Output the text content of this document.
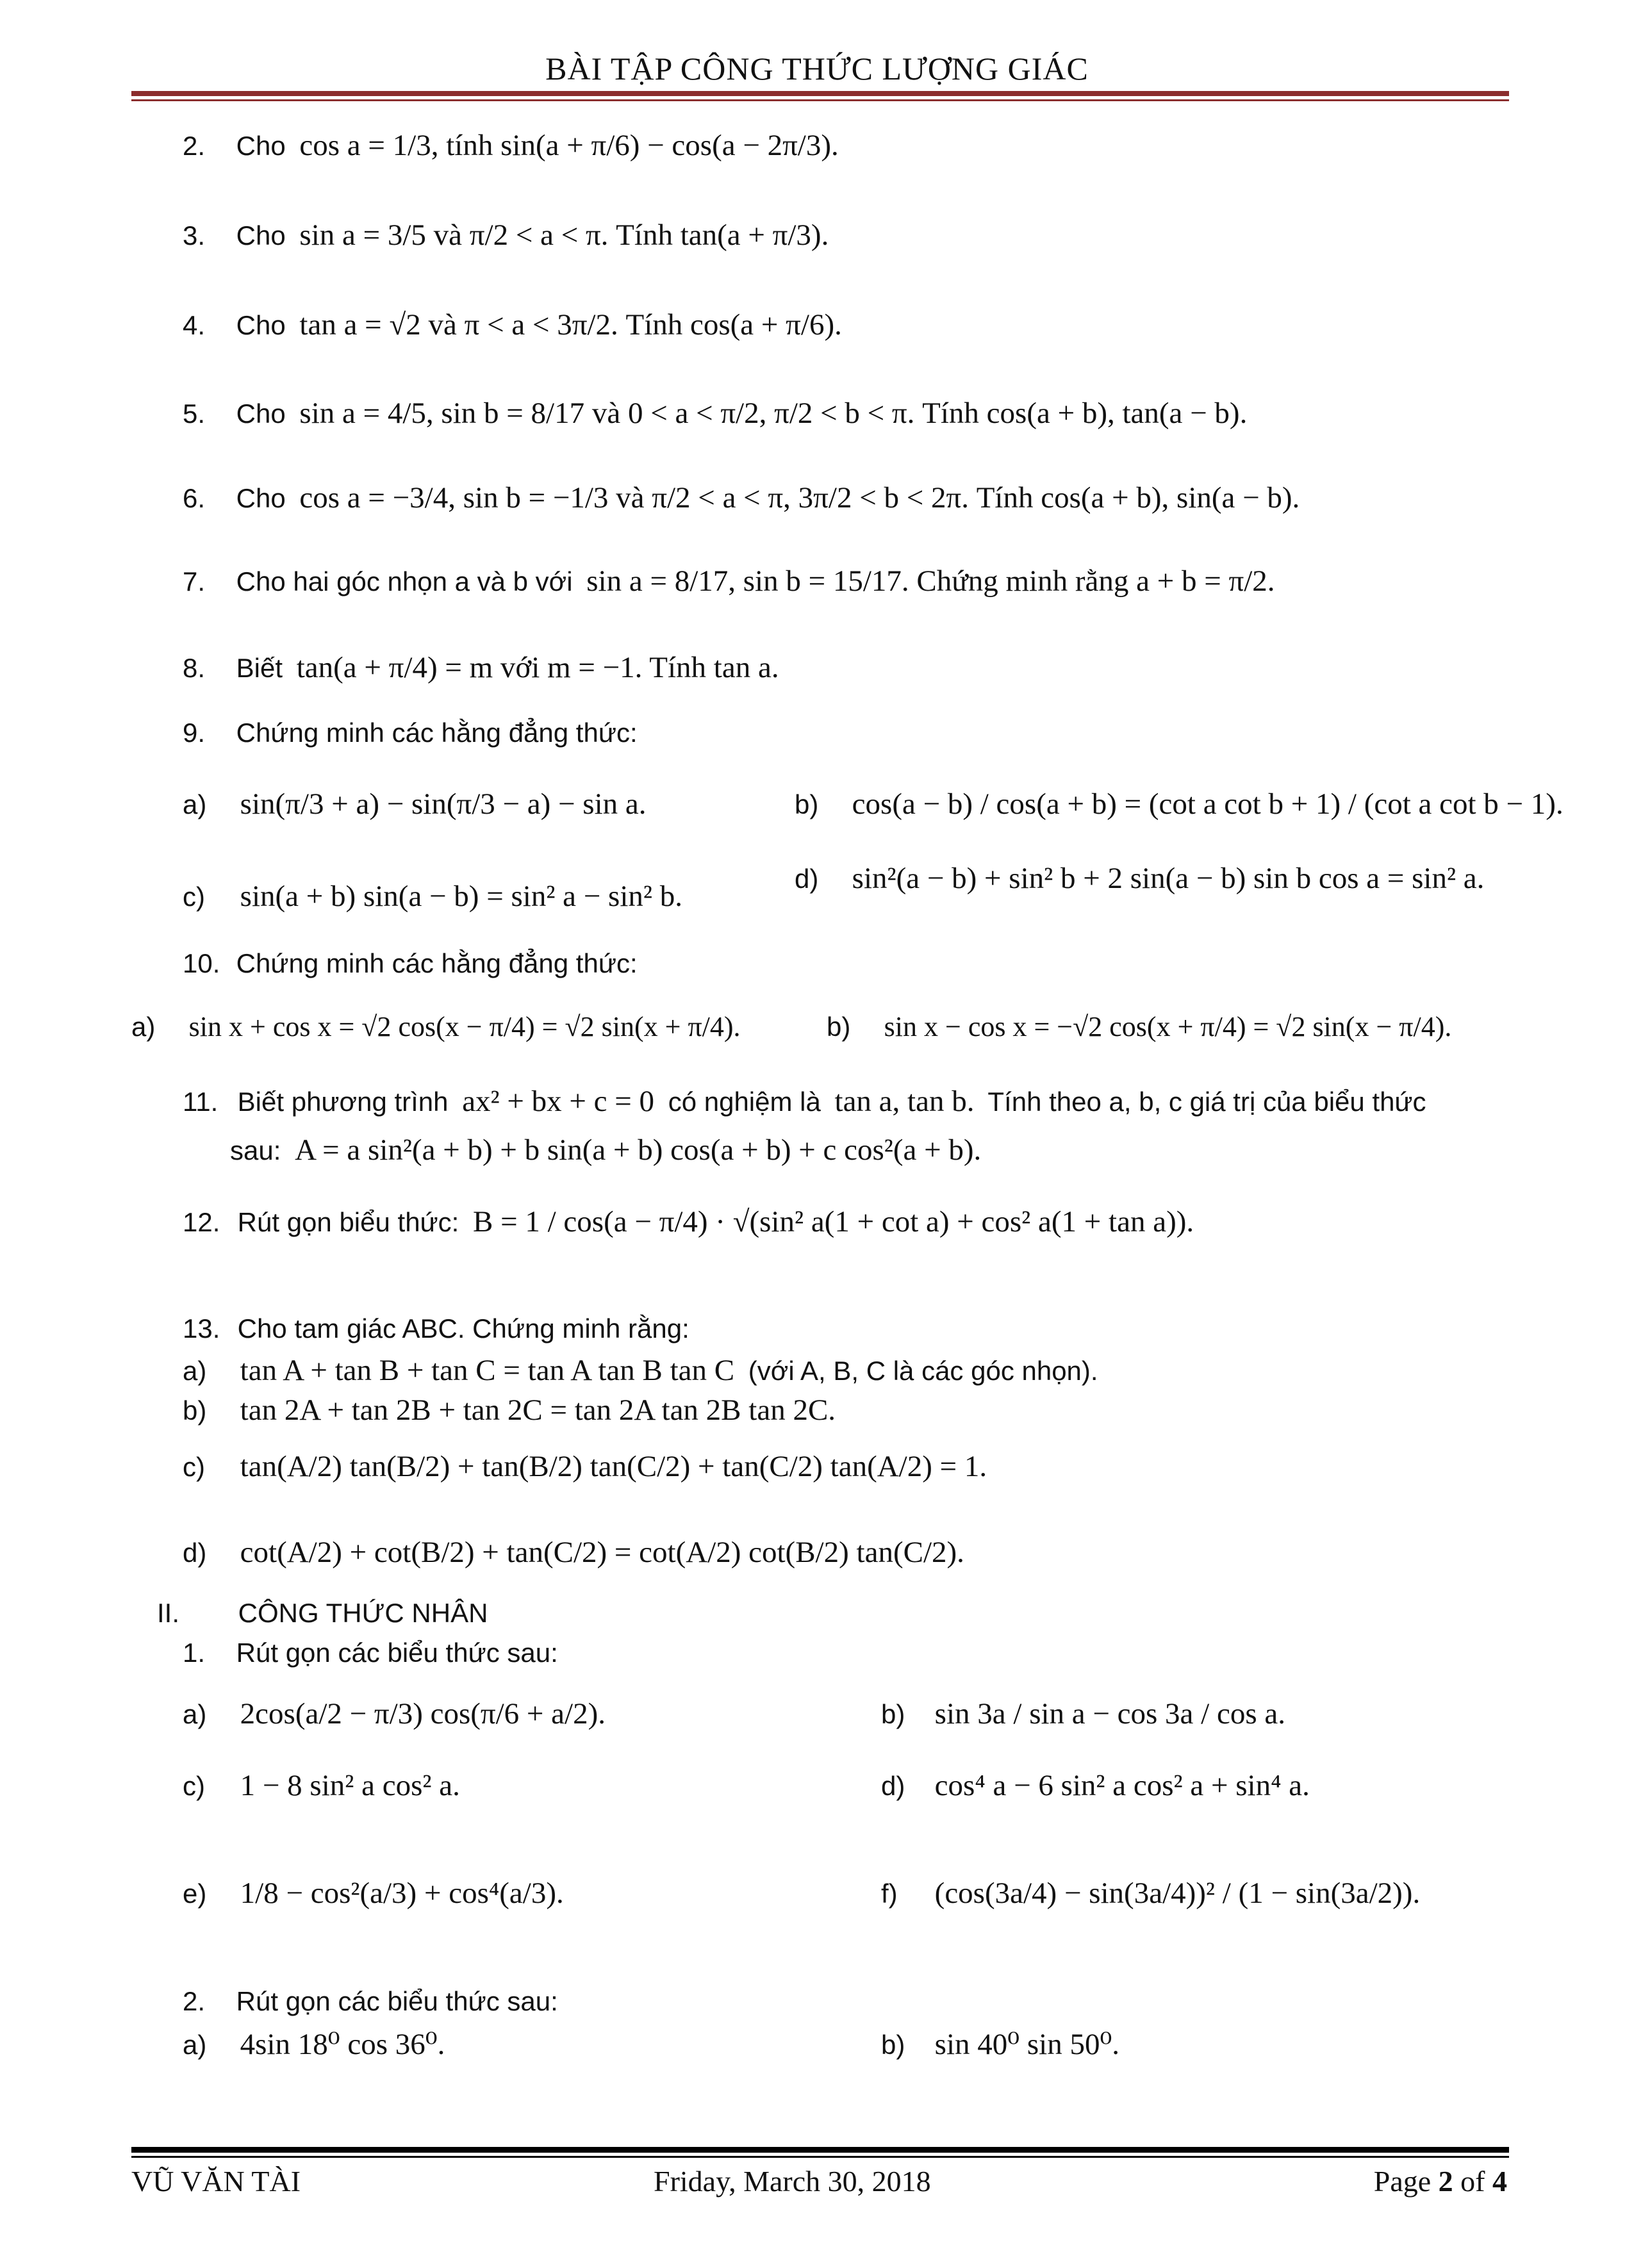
BÀI TẬP CÔNG THỨC LƯỢNG GIÁC
2. Cho cos a = 1/3, tính sin(a + π/6) − cos(a − 2π/3).
3. Cho sin a = 3/5 và π/2 < a < π. Tính tan(a + π/3).
4. Cho tan a = √2 và π < a < 3π/2. Tính cos(a + π/6).
5. Cho sin a = 4/5, sin b = 8/17 và 0 < a < π/2, π/2 < b < π. Tính cos(a + b), tan(a − b).
6. Cho cos a = −3/4, sin b = −1/3 và π/2 < a < π, 3π/2 < b < 2π. Tính cos(a + b), sin(a − b).
7. Cho hai góc nhọn a và b với sin a = 8/17, sin b = 15/17. Chứng minh rằng a + b = π/2.
8. Biết tan(a + π/4) = m với m = −1. Tính tan a.
9. Chứng minh các hằng đẳng thức:
a) sin(π/3 + a) − sin(π/3 − a) − sin a.	b) cos(a − b) / cos(a + b) = (cot a cot b + 1) / (cot a cot b − 1).
c) sin(a + b) sin(a − b) = sin² a − sin² b.
d) sin²(a − b) + sin² b + 2 sin(a − b) sin b cos a = sin² a.
10. Chứng minh các hằng đẳng thức:
a) sin x + cos x = √2 cos(x − π/4) = √2 sin(x + π/4).	b) sin x − cos x = −√2 cos(x + π/4) = √2 sin(x − π/4).
11. Biết phương trình ax² + bx + c = 0 có nghiệm là tan a, tan b. Tính theo a, b, c giá trị của biểu thức
sau: A = a sin²(a + b) + b sin(a + b) cos(a + b) + c cos²(a + b).
12. Rút gọn biểu thức: B = 1 / cos(a − π/4) · √(sin² a(1 + cot a) + cos² a(1 + tan a)).
13. Cho tam giác ABC. Chứng minh rằng:
a) tan A + tan B + tan C = tan A tan B tan C (với A, B, C là các góc nhọn).
b) tan 2A + tan 2B + tan 2C = tan 2A tan 2B tan 2C.
c) tan(A/2) tan(B/2) + tan(B/2) tan(C/2) + tan(C/2) tan(A/2) = 1.
d) cot(A/2) + cot(B/2) + tan(C/2) = cot(A/2) cot(B/2) tan(C/2).
II. CÔNG THỨC NHÂN
1. Rút gọn các biểu thức sau:
a) 2cos(a/2 − π/3) cos(π/6 + a/2).	b) sin 3a / sin a − cos 3a / cos a.
c) 1 − 8 sin² a cos² a.	d) cos⁴ a − 6 sin² a cos² a + sin⁴ a.
e) 1/8 − cos²(a/3) + cos⁴(a/3).	f) (cos(3a/4) − sin(3a/4))² / (1 − sin(3a/2)).
2. Rút gọn các biểu thức sau:
a) 4sin 18⁰ cos 36⁰.	b) sin 40⁰ sin 50⁰.
VŨ VĂN TÀI	Friday, March 30, 2018	Page 2 of 4
